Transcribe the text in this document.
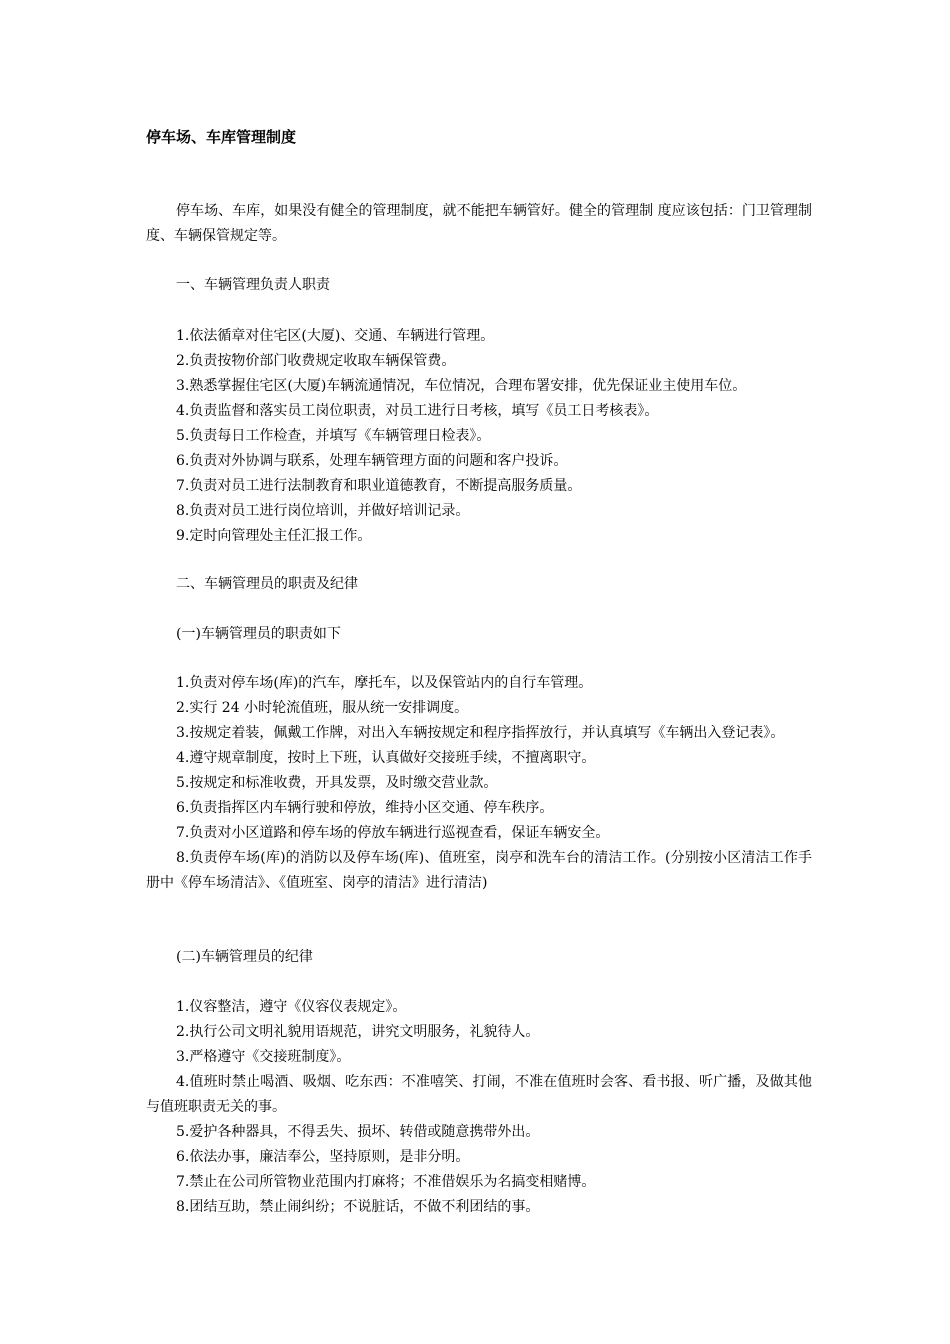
停车场、车库管理制度
停车场、车库，如果没有健全的管理制度，就不能把车辆管好。健全的管理制 度应该包括：门卫管理制度、车辆保管规定等。
一、车辆管理负责人职责

1.依法循章对住宅区(大厦)、交通、车辆进行管理。

2.负责按物价部门收费规定收取车辆保管费。

3.熟悉掌握住宅区(大厦)车辆流通情况，车位情况，合理布署安排，优先保证业主使用车位。

4.负责监督和落实员工岗位职责，对员工进行日考核，填写《员工日考核表》。

5.负责每日工作检查，并填写《车辆管理日检表》。

6.负责对外协调与联系，处理车辆管理方面的问题和客户投诉。

7.负责对员工进行法制教育和职业道德教育，不断提高服务质量。

8.负责对员工进行岗位培训，并做好培训记录。

9.定时向管理处主任汇报工作。

二、车辆管理员的职责及纪律
(一)车辆管理员的职责如下

1.负责对停车场(库)的汽车，摩托车，以及保管站内的自行车管理。

2.实行 24 小时轮流值班，服从统一安排调度。

3.按规定着装，佩戴工作牌，对出入车辆按规定和程序指挥放行，并认真填写《车辆出入登记表》。

4.遵守规章制度，按时上下班，认真做好交接班手续，不擅离职守。

5.按规定和标准收费，开具发票，及时缴交营业款。

6.负责指挥区内车辆行驶和停放，维持小区交通、停车秩序。

7.负责对小区道路和停车场的停放车辆进行巡视查看，保证车辆安全。

8.负责停车场(库)的消防以及停车场(库)、值班室，岗亭和洗车台的清洁工作。(分别按小区清洁工作手册中《停车场清洁》、《值班室、岗亭的清洁》进行清洁)

(二)车辆管理员的纪律

1.仪容整洁，遵守《仪容仪表规定》。

2.执行公司文明礼貌用语规范，讲究文明服务，礼貌待人。

3.严格遵守《交接班制度》。

4.值班时禁止喝酒、吸烟、吃东西：不准嘻笑、打闹，不准在值班时会客、看书报、听广播，及做其他与值班职责无关的事。

5.爱护各种器具，不得丢失、损坏、转借或随意携带外出。

6.依法办事，廉洁奉公，坚持原则，是非分明。

7.禁止在公司所管物业范围内打麻将；不准借娱乐为名搞变相赌博。

8.团结互助，禁止闹纠纷；不说脏话，不做不利团结的事。
